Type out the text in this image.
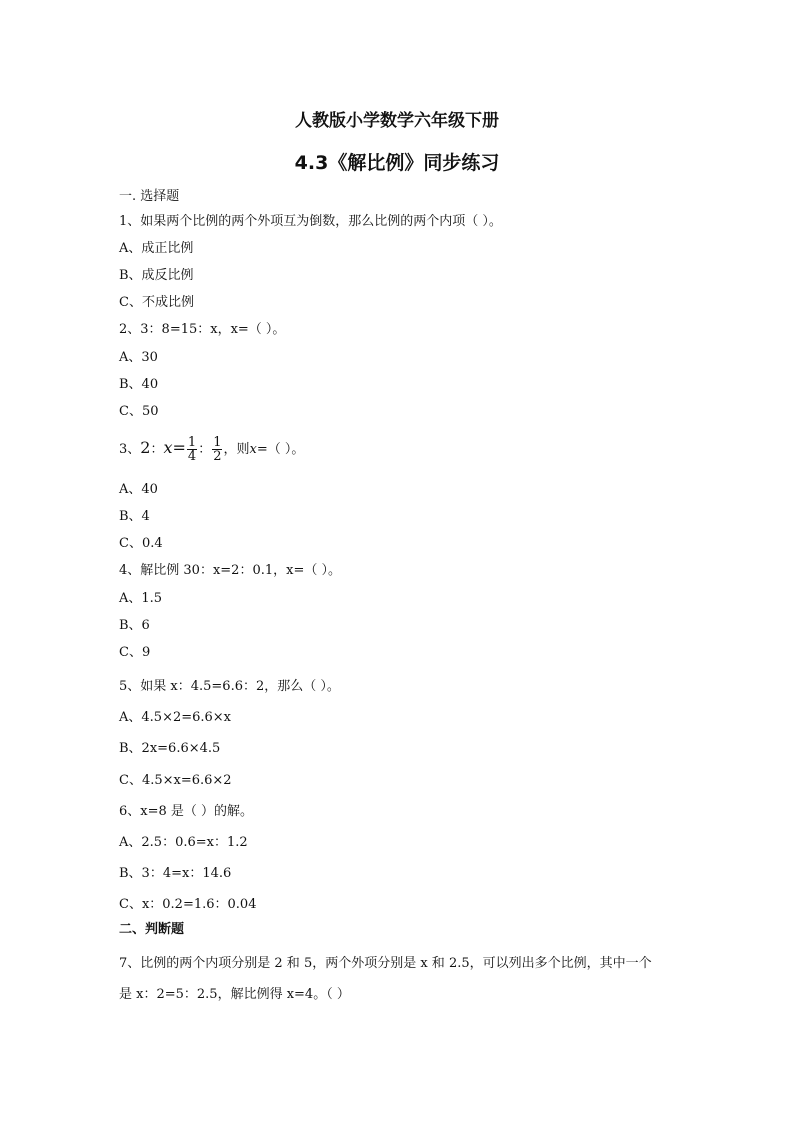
人教版小学数学六年级下册
4.3《解比例》同步练习
一. 选择题
1、如果两个比例的两个外项互为倒数，那么比例的两个内项（ ）。
A、成正比例
B、成反比例
C、不成比例
2、3：8=15：x，x=（ ）。
A、30
B、40
C、50
3、2：$x= \frac{1}{4}$ ： $\frac{1}{2}$ ，则x=（ ）。
A、40
B、4
C、0.4
4、解比例 30：x=2：0.1，x=（ ）。
A、1.5
B、6
C、9
5、如果 x：4.5=6.6：2，那么（ ）。
A、4.5×2=6.6×x
B、2x=6.6×4.5
C、4.5×x=6.6×2
6、x=8 是（ ）的解。
A、2.5：0.6=x：1.2
B、3：4=x：14.6
C、x：0.2=1.6：0.04
二、判断题
7、比例的两个内项分别是 2 和 5，两个外项分别是 x 和 2.5，可以列出多个比例，其中一个
是 x：2=5：2.5，解比例得 x=4。（ ）
